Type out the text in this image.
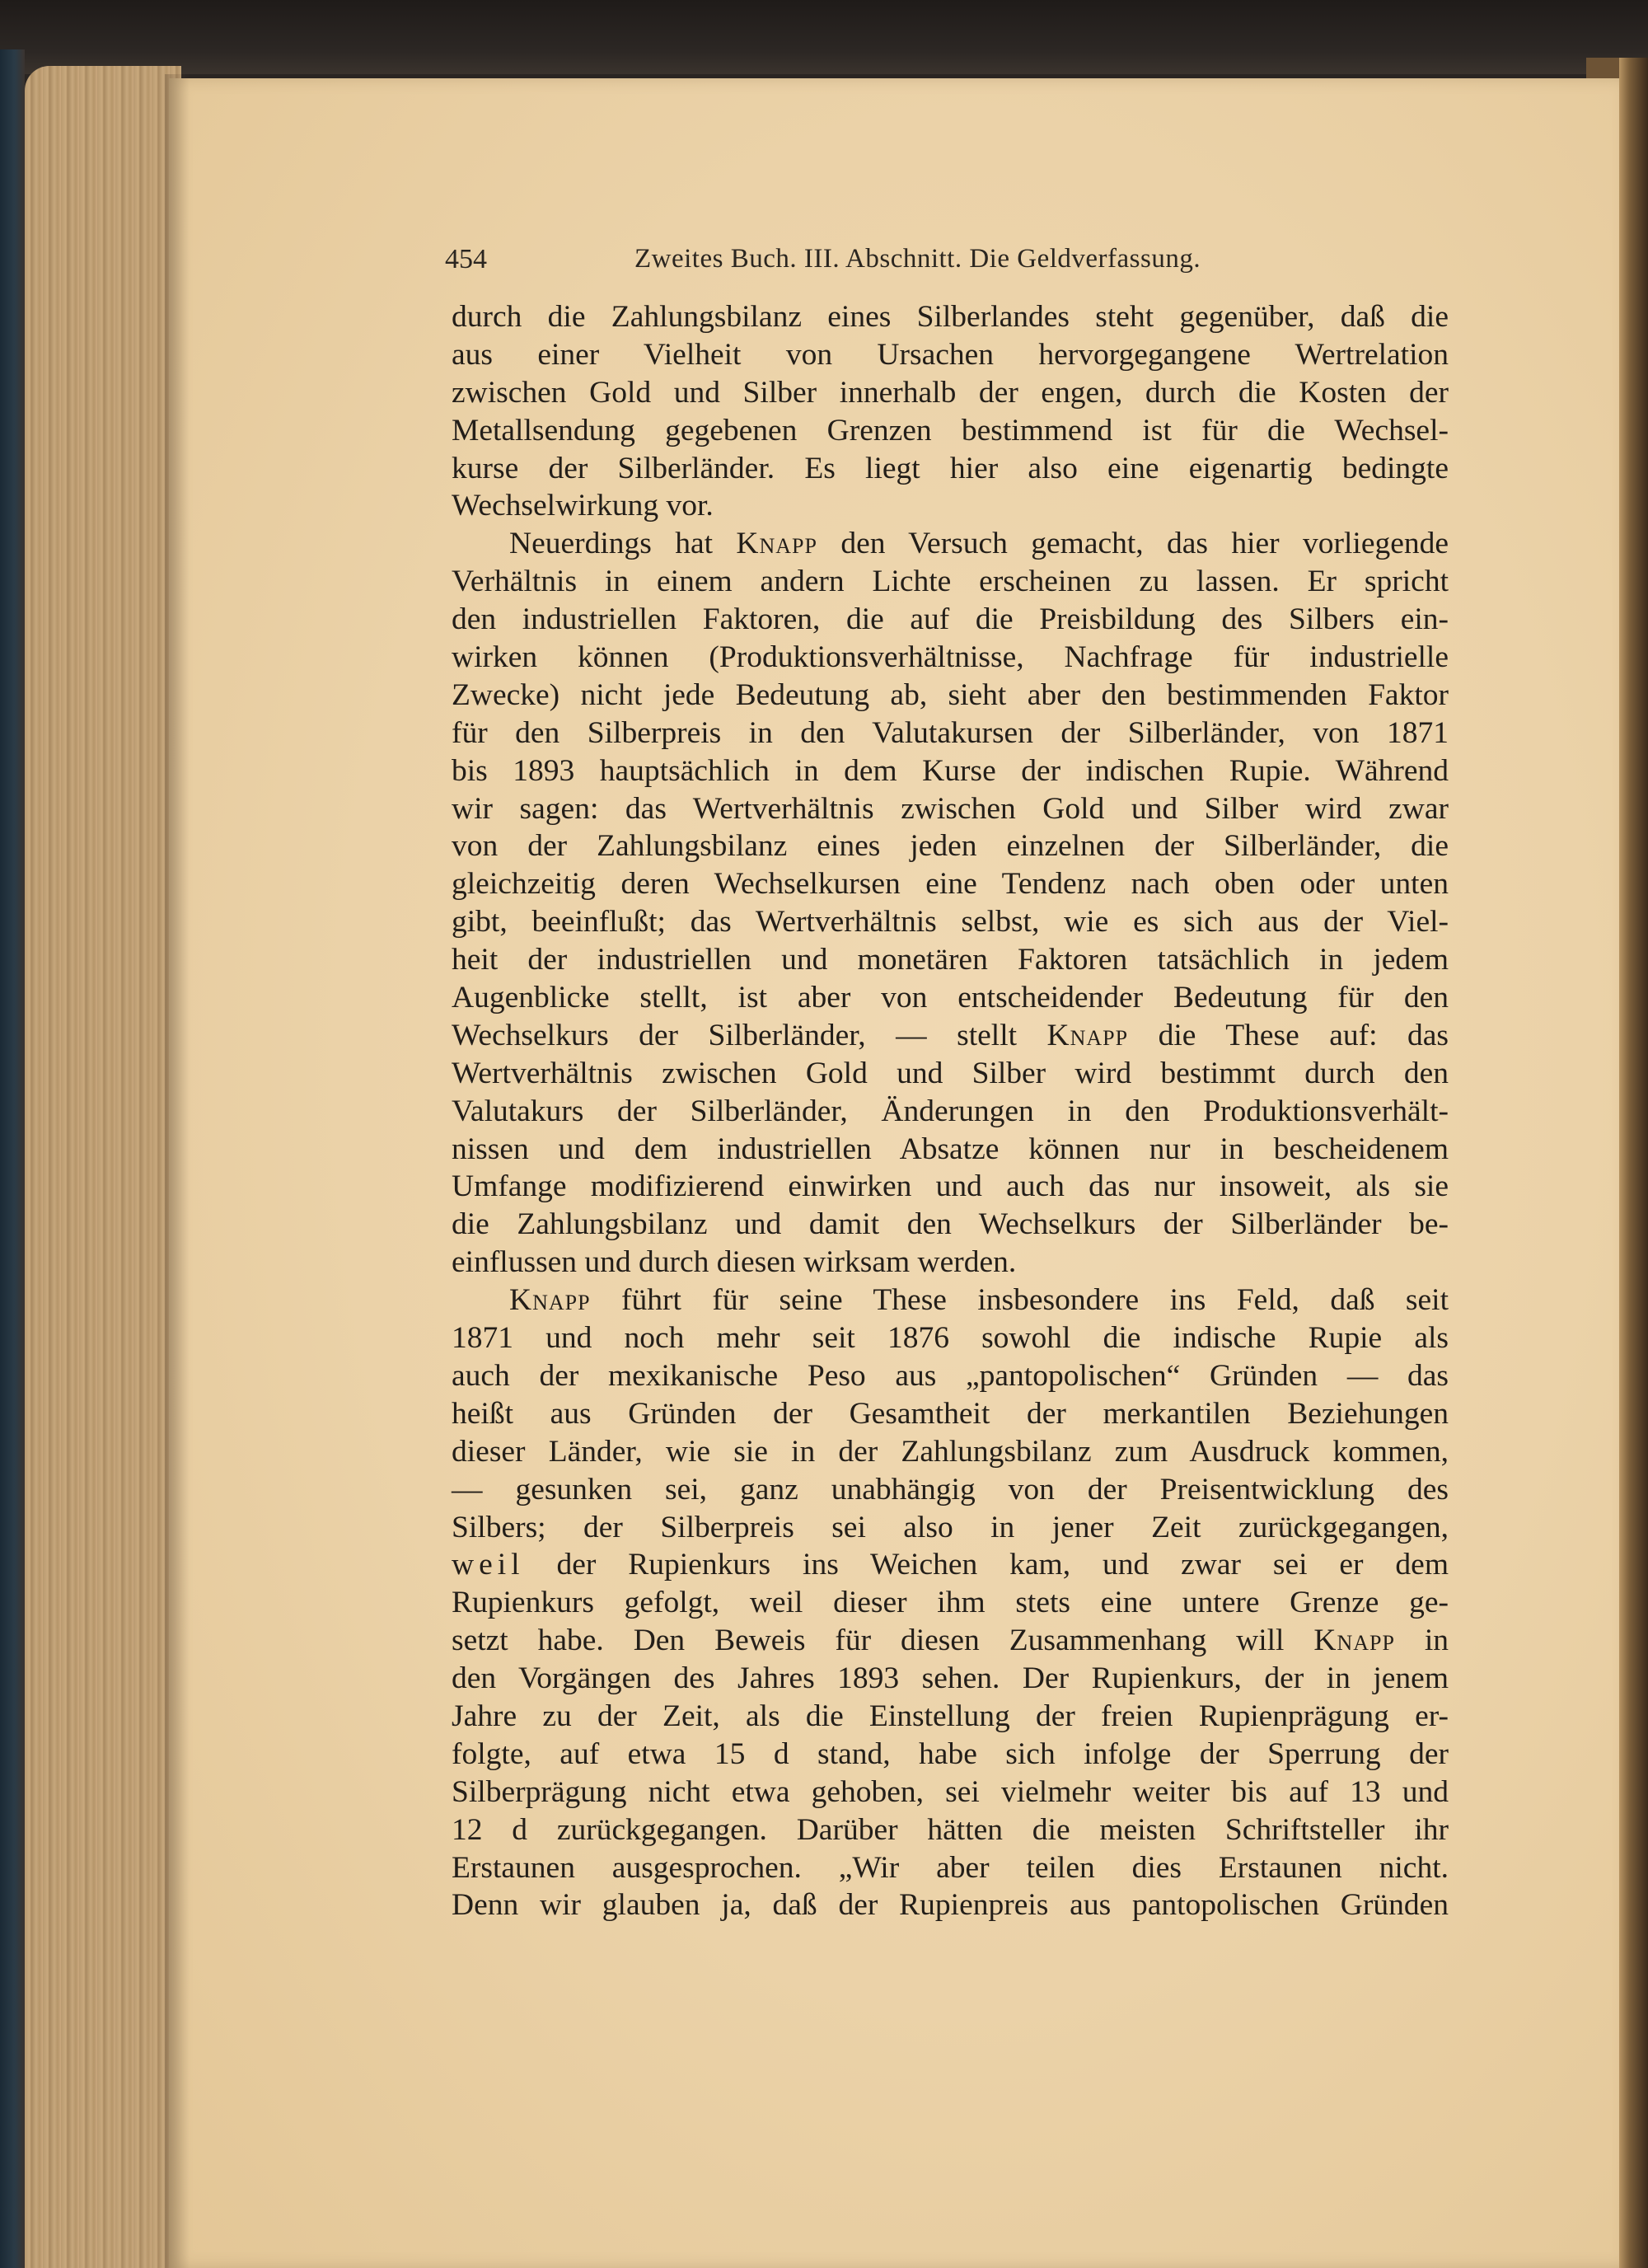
454	Zweites Buch. III. Abschnitt. Die Geldverfassung.
durch die Zahlungsbilanz eines Silberlandes steht gegenüber, daß die
aus einer Vielheit von Ursachen hervorgegangene Wertrelation
zwischen Gold und Silber innerhalb der engen, durch die Kosten der
Metallsendung gegebenen Grenzen bestimmend ist für die Wechsel-
kurse der Silberländer. Es liegt hier also eine eigenartig bedingte
Wechselwirkung vor.
Neuerdings hat Knapp den Versuch gemacht, das hier vorliegende
Verhältnis in einem andern Lichte erscheinen zu lassen. Er spricht
den industriellen Faktoren, die auf die Preisbildung des Silbers ein-
wirken können (Produktionsverhältnisse, Nachfrage für industrielle
Zwecke) nicht jede Bedeutung ab, sieht aber den bestimmenden Faktor
für den Silberpreis in den Valutakursen der Silberländer, von 1871
bis 1893 hauptsächlich in dem Kurse der indischen Rupie. Während
wir sagen: das Wertverhältnis zwischen Gold und Silber wird zwar
von der Zahlungsbilanz eines jeden einzelnen der Silberländer, die
gleichzeitig deren Wechselkursen eine Tendenz nach oben oder unten
gibt, beeinflußt; das Wertverhältnis selbst, wie es sich aus der Viel-
heit der industriellen und monetären Faktoren tatsächlich in jedem
Augenblicke stellt, ist aber von entscheidender Bedeutung für den
Wechselkurs der Silberländer, — stellt Knapp die These auf: das
Wertverhältnis zwischen Gold und Silber wird bestimmt durch den
Valutakurs der Silberländer, Änderungen in den Produktionsverhält-
nissen und dem industriellen Absatze können nur in bescheidenem
Umfange modifizierend einwirken und auch das nur insoweit, als sie
die Zahlungsbilanz und damit den Wechselkurs der Silberländer be-
einflussen und durch diesen wirksam werden.
Knapp führt für seine These insbesondere ins Feld, daß seit
1871 und noch mehr seit 1876 sowohl die indische Rupie als
auch der mexikanische Peso aus „pantopolischen“ Gründen — das
heißt aus Gründen der Gesamtheit der merkantilen Beziehungen
dieser Länder, wie sie in der Zahlungsbilanz zum Ausdruck kommen,
— gesunken sei, ganz unabhängig von der Preisentwicklung des
Silbers; der Silberpreis sei also in jener Zeit zurückgegangen,
weil der Rupienkurs ins Weichen kam, und zwar sei er dem
Rupienkurs gefolgt, weil dieser ihm stets eine untere Grenze ge-
setzt habe. Den Beweis für diesen Zusammenhang will Knapp in
den Vorgängen des Jahres 1893 sehen. Der Rupienkurs, der in jenem
Jahre zu der Zeit, als die Einstellung der freien Rupienprägung er-
folgte, auf etwa 15 d stand, habe sich infolge der Sperrung der
Silberprägung nicht etwa gehoben, sei vielmehr weiter bis auf 13 und
12 d zurückgegangen. Darüber hätten die meisten Schriftsteller ihr
Erstaunen ausgesprochen. „Wir aber teilen dies Erstaunen nicht.
Denn wir glauben ja, daß der Rupienpreis aus pantopolischen Gründen
